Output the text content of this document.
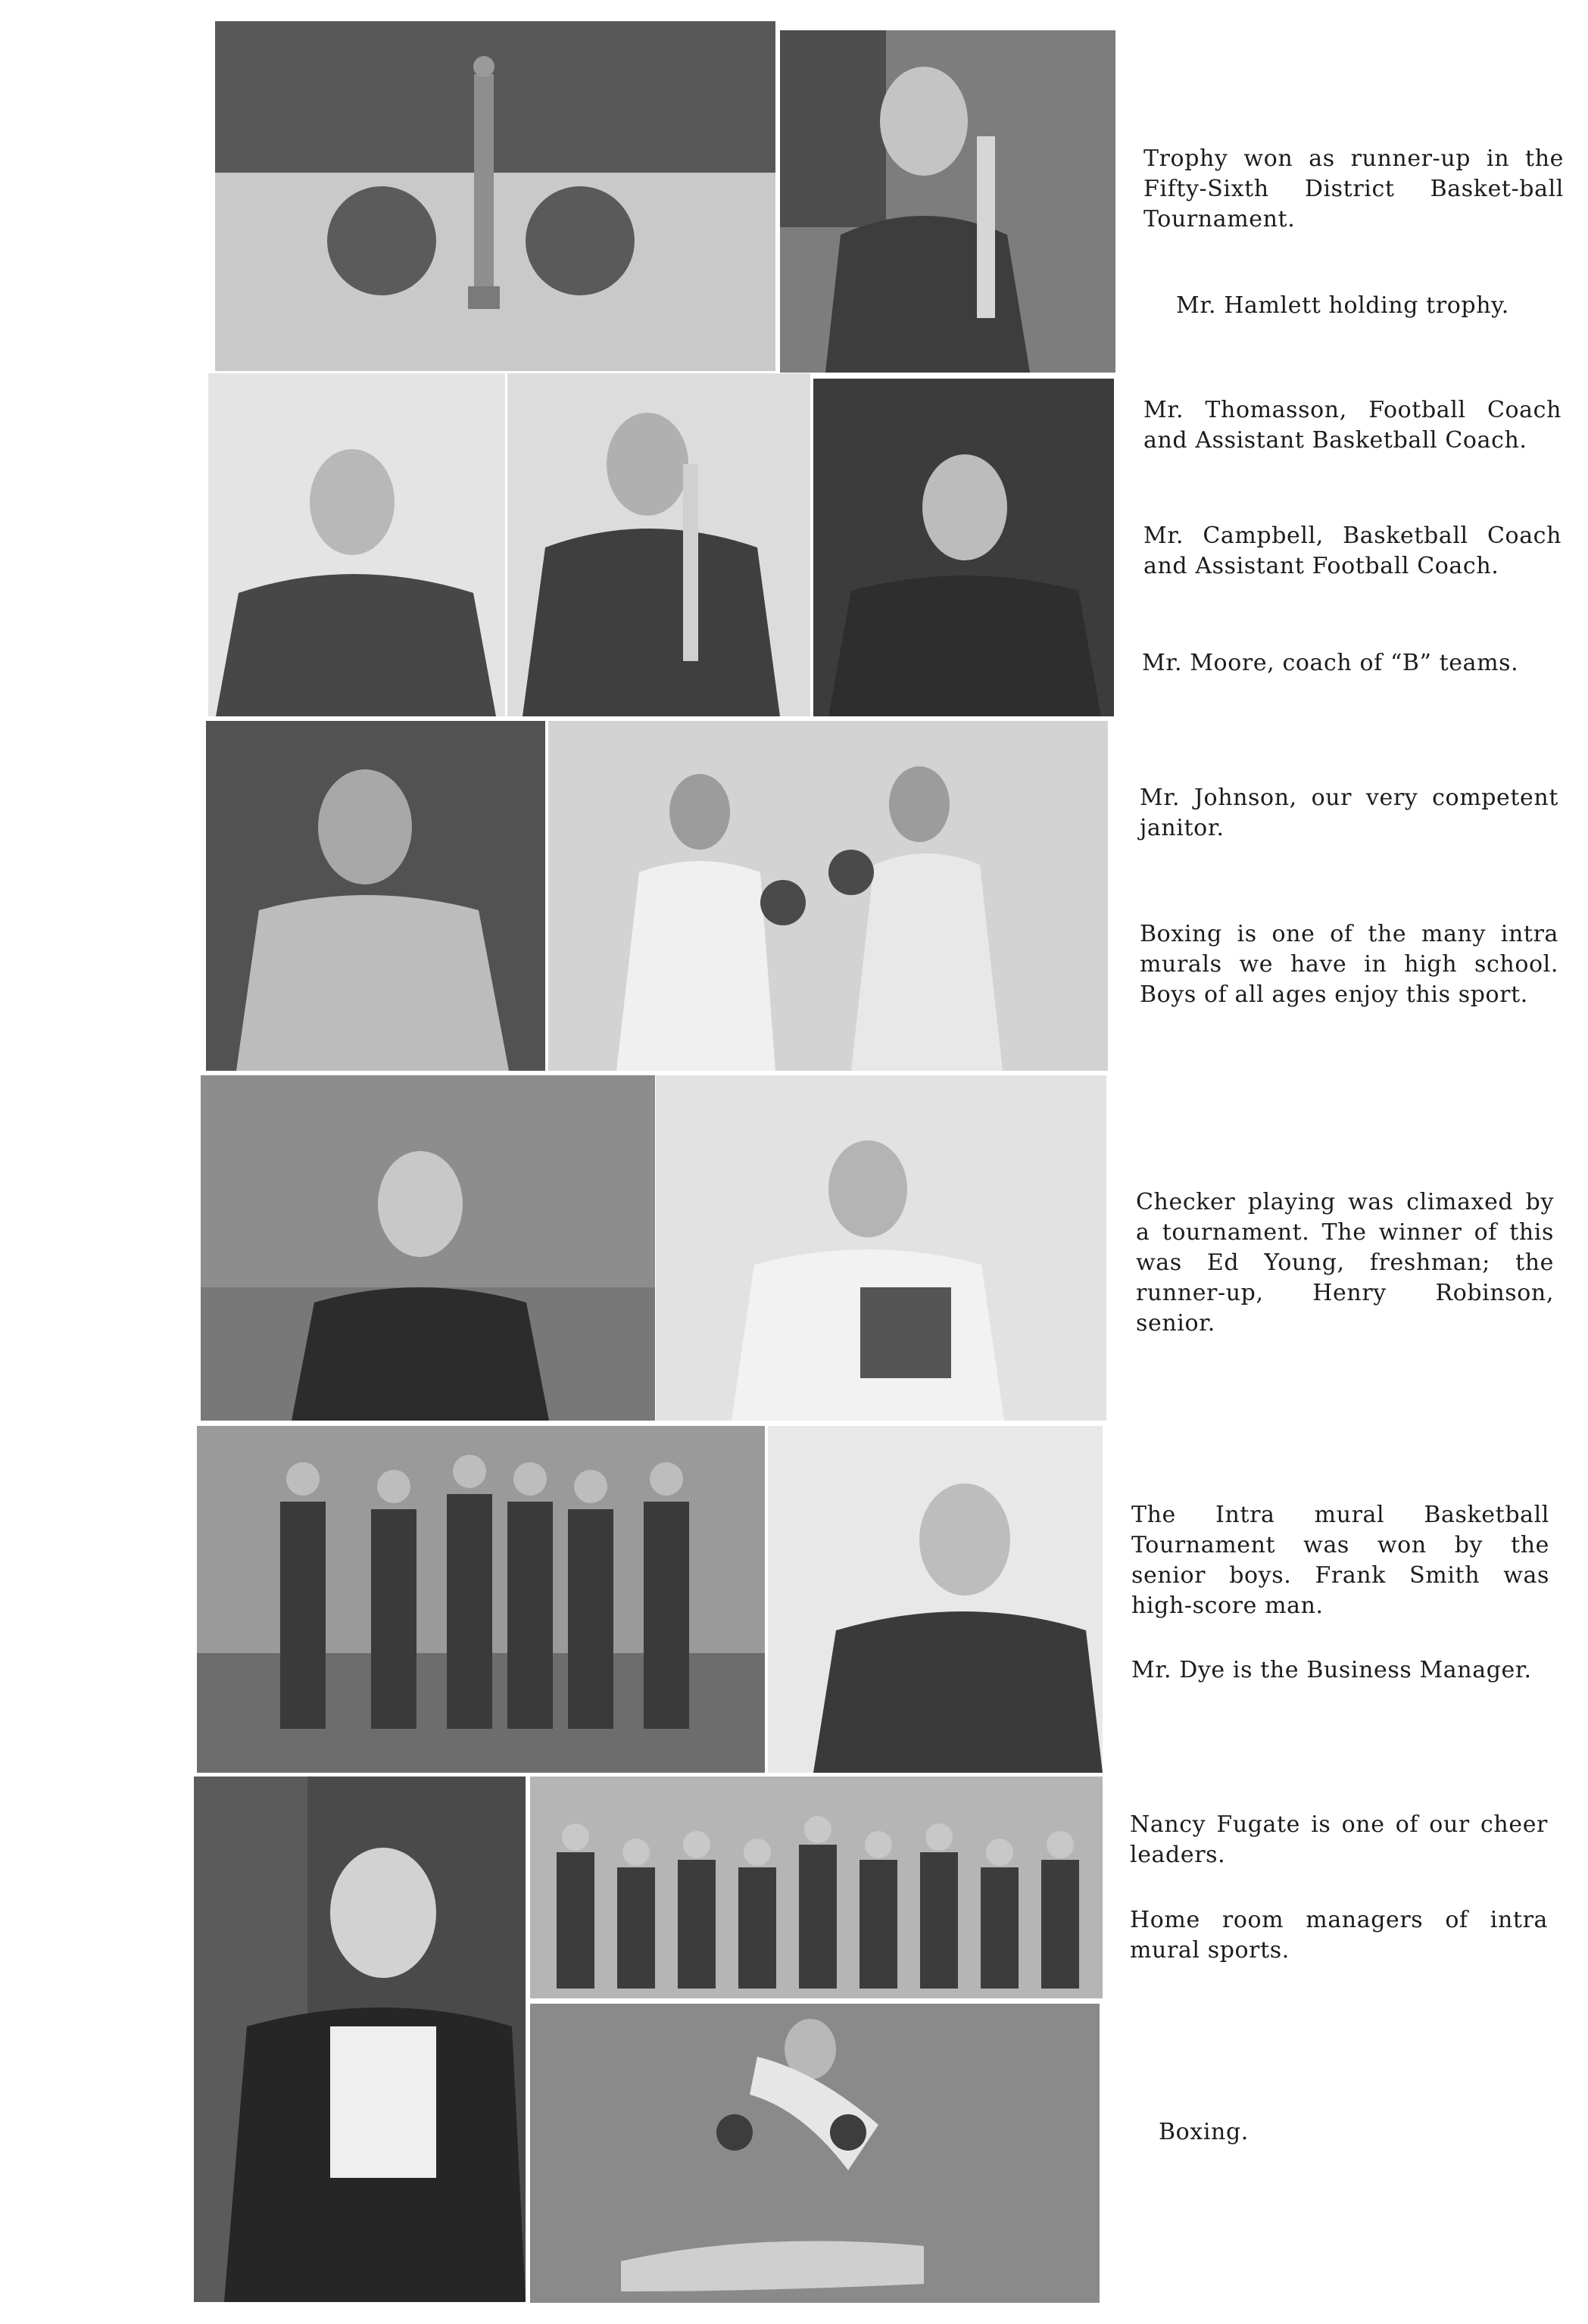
Trophy won as runner-up in the Fifty-Sixth District Basket-ball Tournament.
Mr. Hamlett holding trophy.
Mr. Thomasson, Football Coach and Assistant Basketball Coach.
Mr. Campbell, Basketball Coach and Assistant Football Coach.
Mr. Moore, coach of “B” teams.
Mr. Johnson, our very competent janitor.
Boxing is one of the many intra murals we have in high school. Boys of all ages enjoy this sport.
Checker playing was climaxed by a tournament. The winner of this was Ed Young, freshman; the runner-up, Henry Robinson, senior.
The Intra mural Basketball Tournament was won by the senior boys. Frank Smith was high-score man.
Mr. Dye is the Business Manager.
Nancy Fugate is one of our cheer leaders.
Home room managers of intra mural sports.
Boxing.
